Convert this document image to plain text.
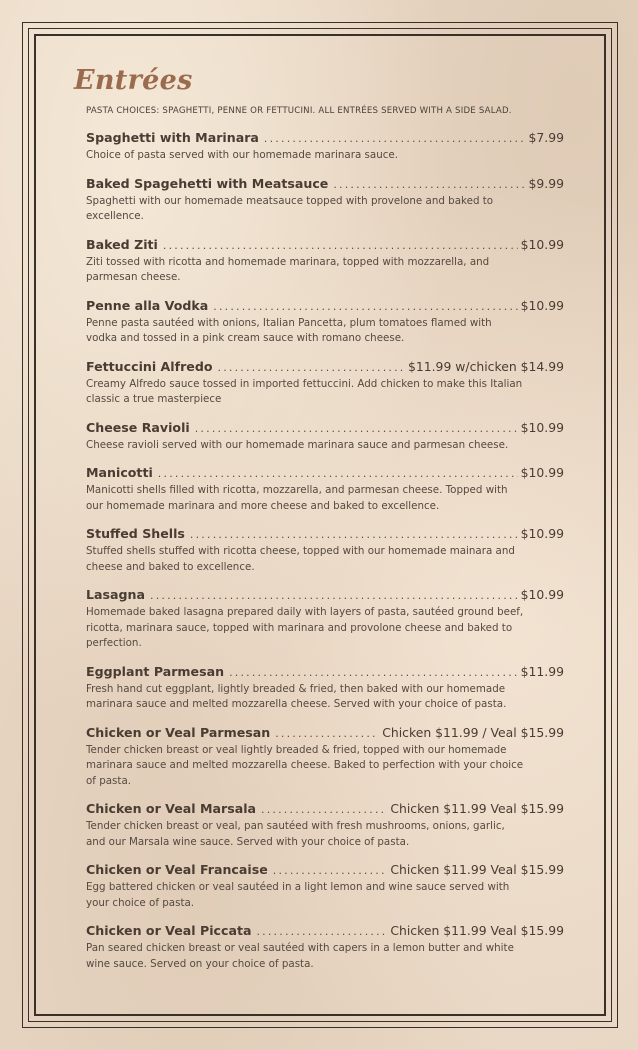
Entrées
PASTA CHOICES: SPAGHETTI, PENNE OR FETTUCINI. ALL ENTRÉES SERVED WITH A SIDE SALAD.
Spaghetti with Marinara .....	$7.99
Choice of pasta served with our homemade marinara sauce.
Baked Spagehetti with Meatsauce .....	$9.99
Spaghetti with our homemade meatsauce topped with provelone and baked to excellence.
Baked Ziti .....	$10.99
Ziti tossed with ricotta and homemade marinara, topped with mozzarella, and parmesan cheese.
Penne alla Vodka .....	$10.99
Penne pasta sautéed with onions, Italian Pancetta, plum tomatoes flamed with vodka and tossed in a pink cream sauce with romano cheese.
Fettuccini Alfredo .....	$11.99 w/chicken $14.99
Creamy Alfredo sauce tossed in imported fettuccini. Add chicken to make this Italian classic a true masterpiece
Cheese Ravioli .....	$10.99
Cheese ravioli served with our homemade marinara sauce and parmesan cheese.
Manicotti .....	$10.99
Manicotti shells filled with ricotta, mozzarella, and parmesan cheese. Topped with our homemade marinara and more cheese and baked to excellence.
Stuffed Shells .....	$10.99
Stuffed shells stuffed with ricotta cheese, topped with our homemade mainara and cheese and baked to excellence.
Lasagna .....	$10.99
Homemade baked lasagna prepared daily with layers of pasta, sautéed ground beef, ricotta, marinara sauce, topped with marinara and provolone cheese and baked to perfection.
Eggplant Parmesan .....	$11.99
Fresh hand cut eggplant, lightly breaded & fried, then baked with our homemade marinara sauce and melted mozzarella cheese. Served with your choice of pasta.
Chicken or Veal Parmesan .....	Chicken $11.99 / Veal $15.99
Tender chicken breast or veal lightly breaded & fried, topped with our homemade marinara sauce and melted mozzarella cheese. Baked to perfection with your choice of pasta.
Chicken or Veal Marsala .....	Chicken $11.99 Veal $15.99
Tender chicken breast or veal, pan sautéed with fresh mushrooms, onions, garlic, and our Marsala wine sauce. Served with your choice of pasta.
Chicken or Veal Francaise .....	Chicken $11.99 Veal $15.99
Egg battered chicken or veal sautéed in a light lemon and wine sauce served with your choice of pasta.
Chicken or Veal Piccata .....	Chicken $11.99 Veal $15.99
Pan seared chicken breast or veal sautéed with capers in a lemon butter and white wine sauce. Served on your choice of pasta.
